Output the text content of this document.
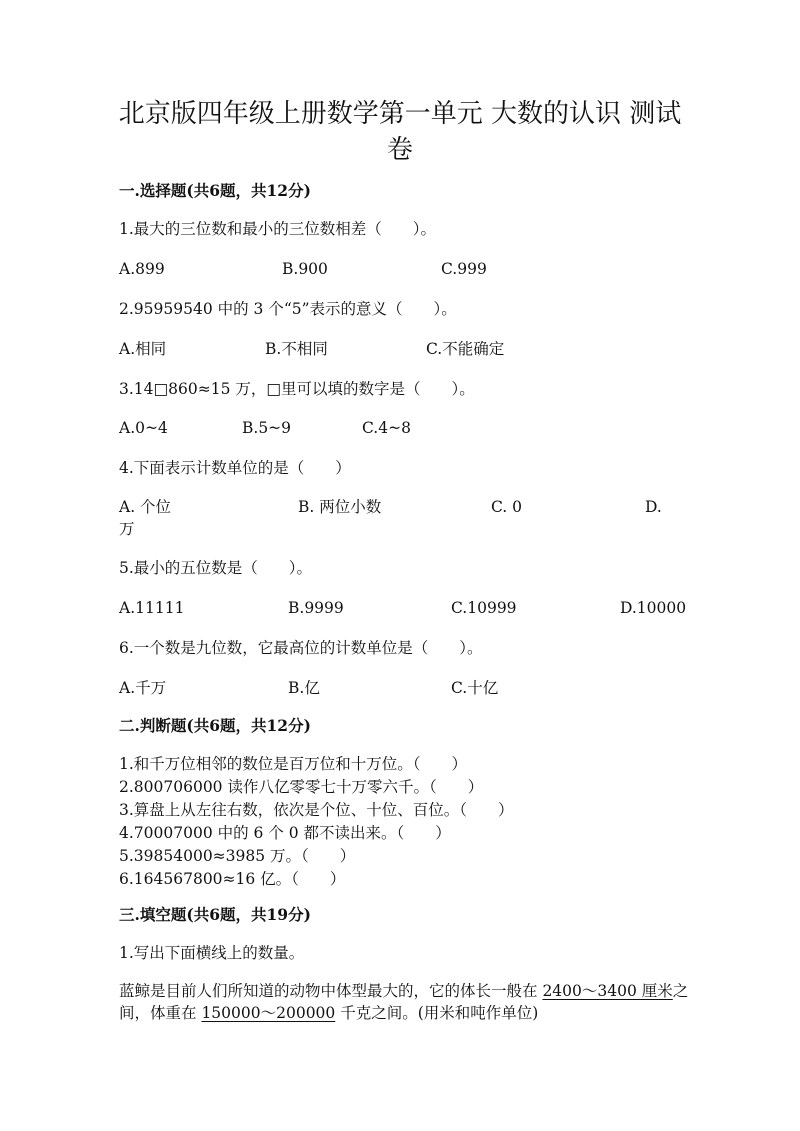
北京版四年级上册数学第一单元 大数的认识 测试
卷
一.选择题(共6题，共12分)
1.最大的三位数和最小的三位数相差（　　）。
A.899	B.900	C.999
2.95959540 中的 3 个“5”表示的意义（　　）。
A.相同	B.不相同	C.不能确定
3.14□860≈15 万，□里可以填的数字是（　　）。
A.0~4	B.5~9	C.4~8
4.下面表示计数单位的是（　　）
A. 个位	B. 两位小数	C. 0	D.
万
5.最小的五位数是（　　）。
A.11111	B.9999	C.10999	D.10000
6.一个数是九位数，它最高位的计数单位是（　　）。
A.千万	B.亿	C.十亿
二.判断题(共6题，共12分)
1.和千万位相邻的数位是百万位和十万位。（　　）
2.800706000 读作八亿零零七十万零六千。（　　）
3.算盘上从左往右数，依次是个位、十位、百位。（　　）
4.70007000 中的 6 个 0 都不读出来。（　　）
5.39854000≈3985 万。（　　）
6.164567800≈16 亿。（　　）
三.填空题(共6题，共19分)
1.写出下面横线上的数量。
蓝鲸是目前人们所知道的动物中体型最大的，它的体长一般在 2400～3400 厘米之间，体重在 150000～200000 千克之间。(用米和吨作单位)
